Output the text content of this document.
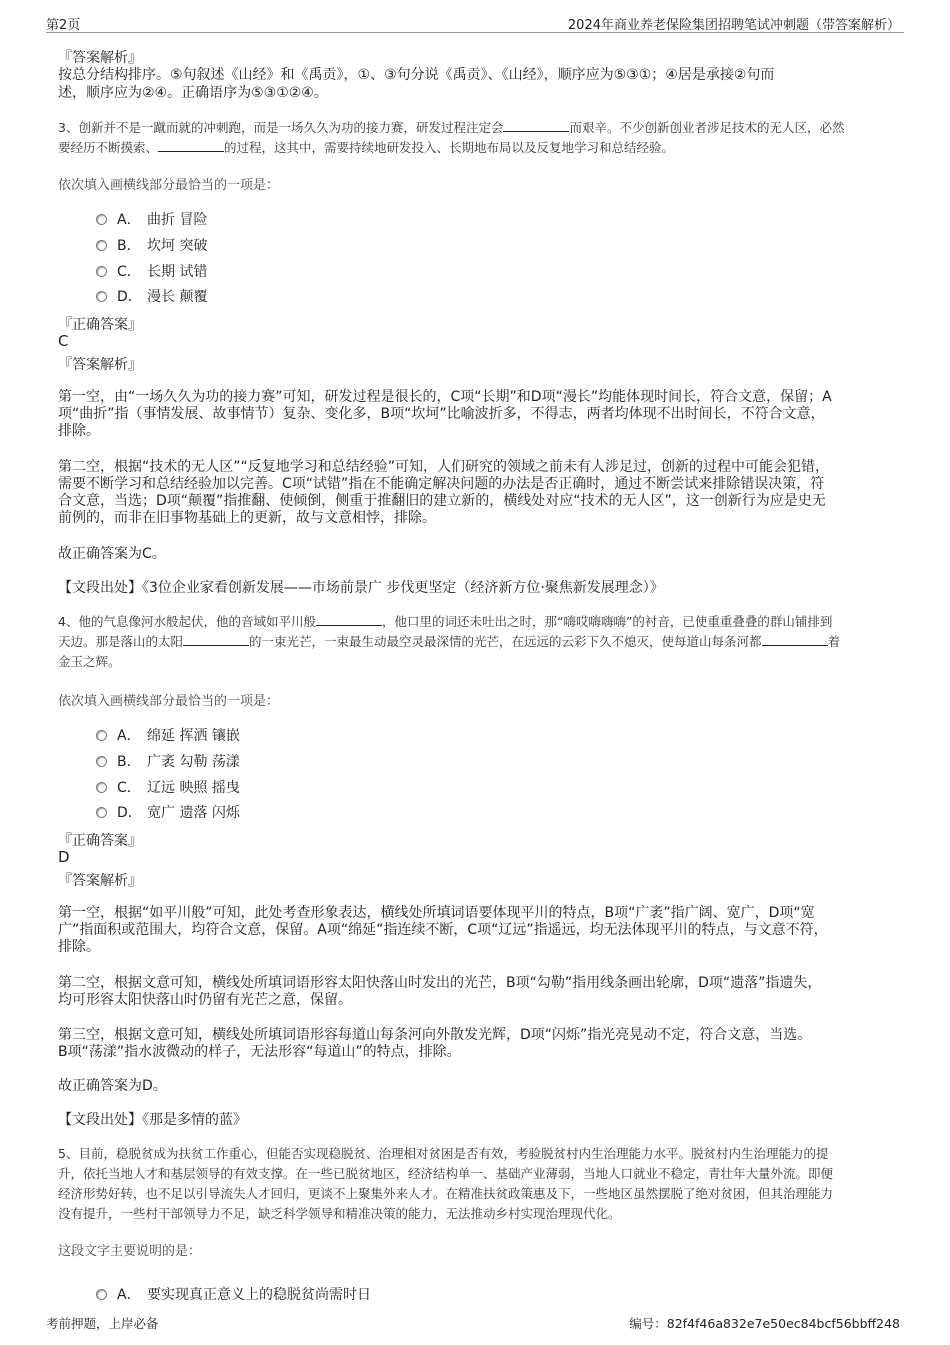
第2页	2024年商业养老保险集团招聘笔试冲刺题（带答案解析）
『答案解析』
按总分结构排序。⑤句叙述《山经》和《禹贡》，①、③句分说《禹贡》、《山经》，顺序应为⑤③①；④居是承接②句而
述，顺序应为②④。正确语序为⑤③①②④。
3、创新并不是一蹴而就的冲刺跑，而是一场久久为功的接力赛，研发过程注定会	而艰辛。不少创新创业者涉足技术的无人区，必然
要经历不断摸索、	的过程，这其中，需要持续地研发投入、长期地布局以及反复地学习和总结经验。
依次填入画横线部分最恰当的一项是：
A． 曲折 冒险
B． 坎坷 突破
C． 长期 试错
D． 漫长 颠覆
『正确答案』
C
『答案解析』
第一空，由“一场久久为功的接力赛”可知，研发过程是很长的，C项“长期”和D项“漫长”均能体现时间长，符合文意，保留；A
项“曲折”指（事情发展、故事情节）复杂、变化多，B项“坎坷”比喻波折多，不得志，两者均体现不出时间长，不符合文意，
排除。
第二空，根据“技术的无人区”“反复地学习和总结经验”可知，人们研究的领域之前未有人涉足过，创新的过程中可能会犯错，
需要不断学习和总结经验加以完善。C项“试错”指在不能确定解决问题的办法是否正确时，通过不断尝试来排除错误决策，符
合文意，当选；D项“颠覆”指推翻、使倾倒，侧重于推翻旧的建立新的，横线处对应“技术的无人区”，这一创新行为应是史无
前例的，而非在旧事物基础上的更新，故与文意相悖，排除。
故正确答案为C。
【文段出处】《3位企业家看创新发展——市场前景广 步伐更坚定（经济新方位·聚焦新发展理念）》
4、他的气息像河水般起伏，他的音域如平川般	，他口里的词还未吐出之时，那“嗨哎嗨嗨嗨”的衬音，已使重重叠叠的群山铺排到
天边。那是落山的太阳	的一束光芒，一束最生动最空灵最深情的光芒，在远远的云彩下久不熄灭，使每道山每条河都	着
金玉之辉。
依次填入画横线部分最恰当的一项是：
A． 绵延 挥洒 镶嵌
B． 广袤 勾勒 荡漾
C． 辽远 映照 摇曳
D． 宽广 遗落 闪烁
『正确答案』
D
『答案解析』
第一空，根据“如平川般”可知，此处考查形象表达，横线处所填词语要体现平川的特点，B项“广袤”指广阔、宽广，D项“宽
广”指面积或范围大，均符合文意，保留。A项“绵延”指连续不断，C项“辽远”指遥远，均无法体现平川的特点，与文意不符，
排除。
第二空，根据文意可知，横线处所填词语形容太阳快落山时发出的光芒，B项“勾勒”指用线条画出轮廓，D项“遗落”指遗失，
均可形容太阳快落山时仍留有光芒之意，保留。
第三空，根据文意可知，横线处所填词语形容每道山每条河向外散发光辉，D项“闪烁”指光亮晃动不定，符合文意，当选。
B项“荡漾”指水波微动的样子，无法形容“每道山”的特点，排除。
故正确答案为D。
【文段出处】《那是多情的蓝》
5、目前，稳脱贫成为扶贫工作重心，但能否实现稳脱贫、治理相对贫困是否有效，考验脱贫村内生治理能力水平。脱贫村内生治理能力的提
升，依托当地人才和基层领导的有效支撑。在一些已脱贫地区，经济结构单一、基础产业薄弱，当地人口就业不稳定，青壮年大量外流。即便
经济形势好转，也不足以引导流失人才回归，更谈不上聚集外来人才。在精准扶贫政策惠及下，一些地区虽然摆脱了绝对贫困，但其治理能力
没有提升，一些村干部领导力不足，缺乏科学领导和精准决策的能力，无法推动乡村实现治理现代化。
这段文字主要说明的是：
A． 要实现真正意义上的稳脱贫尚需时日
考前押题，上岸必备	编号：82f4f46a832e7e50ec84bcf56bbff248
